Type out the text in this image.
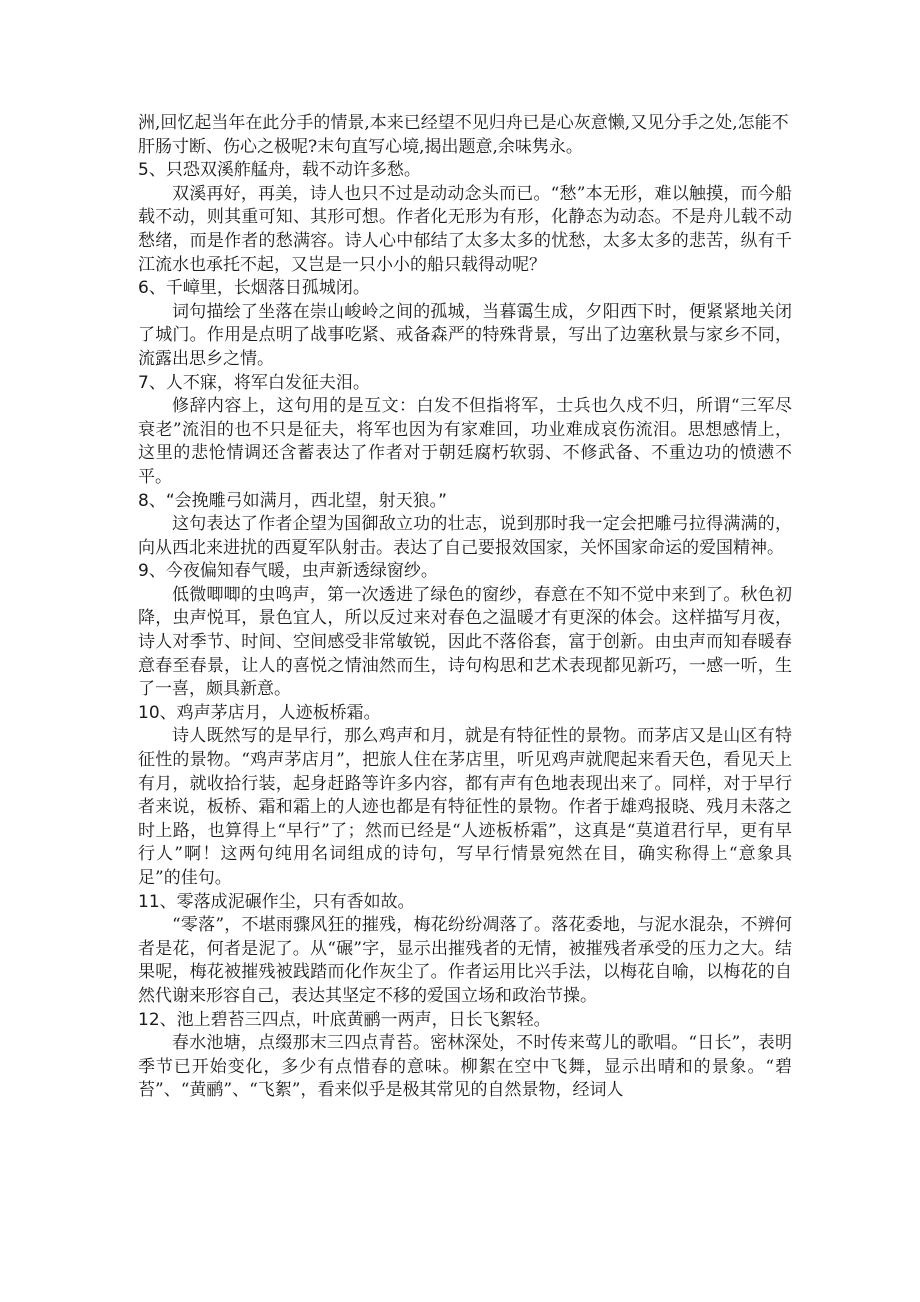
洲,回忆起当年在此分手的情景,本来已经望不见归舟已是心灰意懒,又见分手之处,怎能不肝肠寸断、伤心之极呢?末句直写心境,揭出题意,余味隽永。

5、只恐双溪舴艋舟，载不动许多愁。

双溪再好，再美，诗人也只不过是动动念头而已。“愁”本无形，难以触摸，而今船载不动，则其重可知、其形可想。作者化无形为有形，化静态为动态。不是舟儿载不动愁绪，而是作者的愁满容。诗人心中郁结了太多太多的忧愁，太多太多的悲苦，纵有千江流水也承托不起，又岂是一只小小的船只载得动呢？

6、千嶂里，长烟落日孤城闭。

词句描绘了坐落在崇山峻岭之间的孤城，当暮霭生成，夕阳西下时，便紧紧地关闭了城门。作用是点明了战事吃紧、戒备森严的特殊背景，写出了边塞秋景与家乡不同，流露出思乡之情。

7、人不寐，将军白发征夫泪。

修辞内容上，这句用的是互文：白发不但指将军，士兵也久戍不归，所谓“三军尽衰老”流泪的也不只是征夫，将军也因为有家难回，功业难成哀伤流泪。思想感情上，这里的悲怆情调还含蓄表达了作者对于朝廷腐朽软弱、不修武备、不重边功的愤懑不平。

8、“会挽雕弓如满月，西北望，射天狼。”

这句表达了作者企望为国御敌立功的壮志，说到那时我一定会把雕弓拉得满满的，向从西北来进扰的西夏军队射击。表达了自己要报效国家，关怀国家命运的爱国精神。

9、今夜偏知春气暖，虫声新透绿窗纱。

低微唧唧的虫鸣声，第一次透进了绿色的窗纱，春意在不知不觉中来到了。秋色初降，虫声悦耳，景色宜人，所以反过来对春色之温暖才有更深的体会。这样描写月夜，诗人对季节、时间、空间感受非常敏锐，因此不落俗套，富于创新。由虫声而知春暖春意春至春景，让人的喜悦之情油然而生，诗句构思和艺术表现都见新巧，一感一听，生了一喜，颇具新意。

10、鸡声茅店月，人迹板桥霜。

诗人既然写的是早行，那么鸡声和月，就是有特征性的景物。而茅店又是山区有特征性的景物。“鸡声茅店月”，把旅人住在茅店里，听见鸡声就爬起来看天色，看见天上有月，就收拾行装，起身赶路等许多内容，都有声有色地表现出来了。同样，对于早行者来说，板桥、霜和霜上的人迹也都是有特征性的景物。作者于雄鸡报晓、残月未落之时上路，也算得上“早行”了；然而已经是“人迹板桥霜”，这真是“莫道君行早，更有早行人”啊！这两句纯用名词组成的诗句，写早行情景宛然在目，确实称得上“意象具足”的佳句。

11、零落成泥碾作尘，只有香如故。

“零落”，不堪雨骤风狂的摧残，梅花纷纷凋落了。落花委地，与泥水混杂，不辨何者是花，何者是泥了。从“碾”字，显示出摧残者的无情，被摧残者承受的压力之大。结果呢，梅花被摧残被践踏而化作灰尘了。作者运用比兴手法，以梅花自喻，以梅花的自然代谢来形容自己，表达其坚定不移的爱国立场和政治节操。

12、池上碧苔三四点，叶底黄鹂一两声，日长飞絮轻。

春水池塘，点缀那末三四点青苔。密林深处，不时传来莺儿的歌唱。“日长”，表明季节已开始变化，多少有点惜春的意味。柳絮在空中飞舞，显示出晴和的景象。“碧苔”、“黄鹂”、“飞絮”，看来似乎是极其常见的自然景物，经词人
